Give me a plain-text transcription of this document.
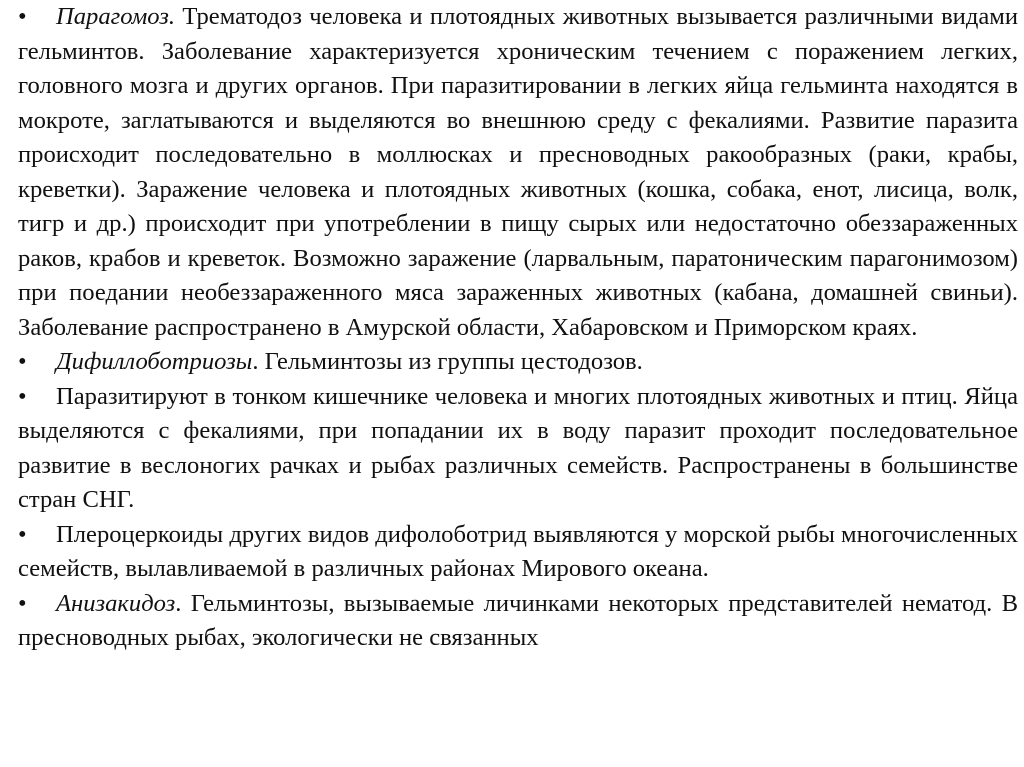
• Парагомоз. Трематодоз человека и плотоядных животных вызывается различными видами гельминтов. Заболевание характеризуется хроническим течением с поражением легких, головного мозга и других органов. При паразитировании в легких яйца гельминта находятся в мокроте, заглатываются и выделяются во внешнюю среду с фекалиями. Развитие паразита происходит последовательно в моллюсках и пресноводных ракообразных (раки, крабы, креветки). Заражение человека и плотоядных животных (кошка, собака, енот, лисица, волк, тигр и др.) происходит при употреблении в пищу сырых или недостаточно обеззараженных раков, крабов и креветок. Возможно заражение (ларвальным, паратоническим парагонимозом) при поедании необеззараженного мяса зараженных животных (кабана, домашней свиньи). Заболевание распространено в Амурской области, Хабаровском и Приморском краях.

• Дифиллоботриозы. Гельминтозы из группы цестодозов.

• Паразитируют в тонком кишечнике человека и многих плотоядных животных и птиц. Яйца выделяются с фекалиями, при попадании их в воду паразит проходит последовательное развитие в веслоногих рачках и рыбах различных семейств. Распространены в большинстве стран СНГ.

• Плероцеркоиды других видов дифолоботрид выявляются у морской рыбы многочисленных семейств, вылавливаемой в различных районах Мирового океана.

• Анизакидоз. Гельминтозы, вызываемые личинками некоторых представителей нематод. В пресноводных рыбах, экологически не связанных
